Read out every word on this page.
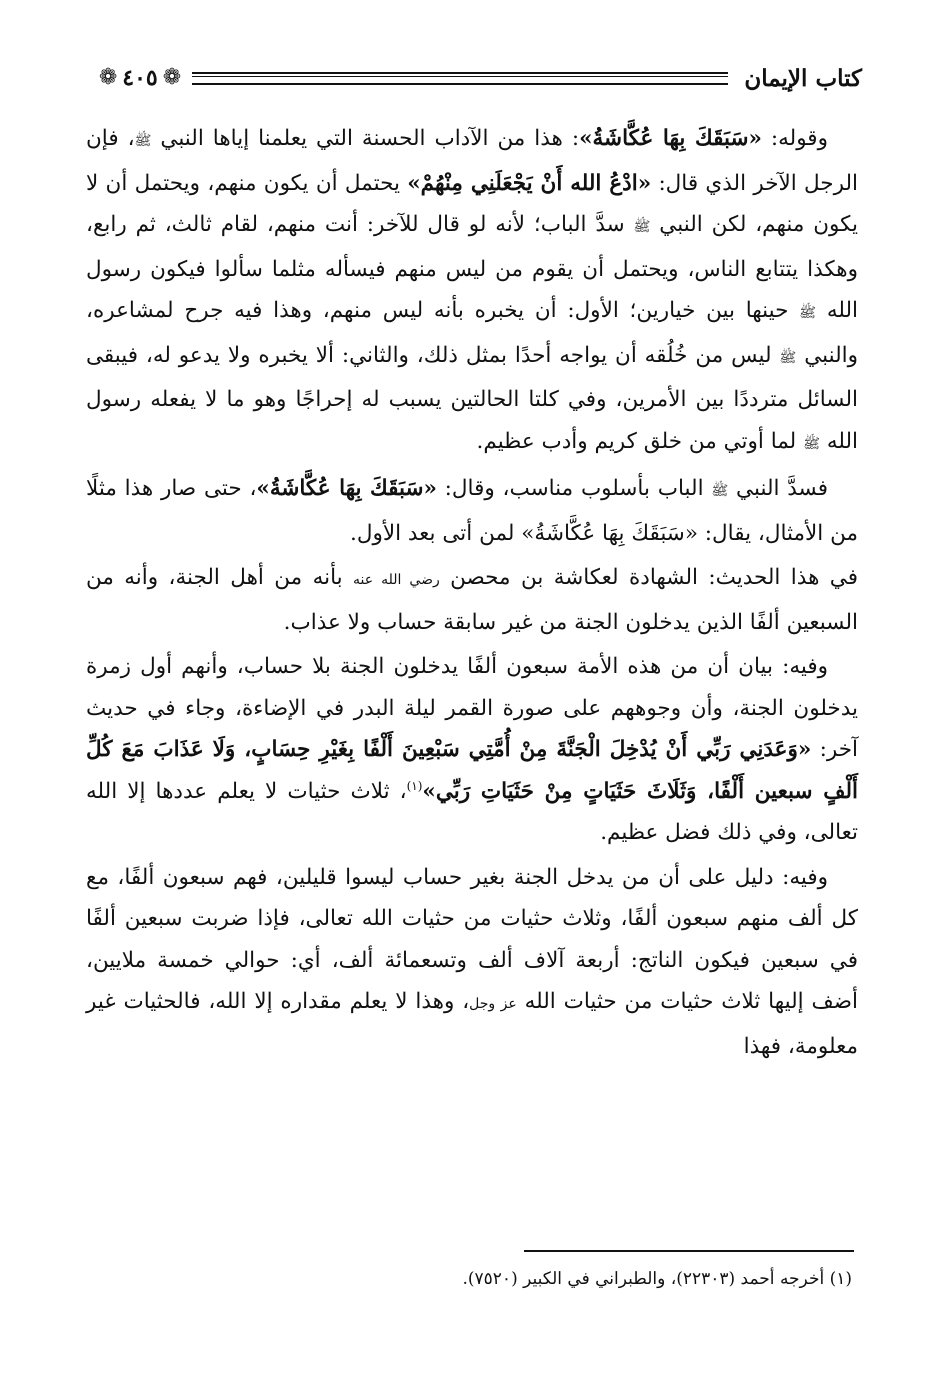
كتاب الإيمان
❁ ٤٠٥ ❁

وقوله: «سَبَقَكَ بِهَا عُكَّاشَةُ»: هذا من الآداب الحسنة التي يعلمنا إياها النبي ﷺ، فإن الرجل الآخر الذي قال: «ادْعُ الله أَنْ يَجْعَلَنِي مِنْهُمْ» يحتمل أن يكون منهم، ويحتمل أن لا يكون منهم، لكن النبي ﷺ سدَّ الباب؛ لأنه لو قال للآخر: أنت منهم، لقام ثالث، ثم رابع، وهكذا يتتابع الناس، ويحتمل أن يقوم من ليس منهم فيسأله مثلما سألوا فيكون رسول الله ﷺ حينها بين خيارين؛ الأول: أن يخبره بأنه ليس منهم، وهذا فيه جرح لمشاعره، والنبي ﷺ ليس من خُلُقه أن يواجه أحدًا بمثل ذلك، والثاني: ألا يخبره ولا يدعو له، فيبقى السائل مترددًا بين الأمرين، وفي كلتا الحالتين يسبب له إحراجًا وهو ما لا يفعله رسول الله ﷺ لما أوتي من خلق كريم وأدب عظيم.

فسدَّ النبي ﷺ الباب بأسلوب مناسب، وقال: «سَبَقَكَ بِهَا عُكَّاشَةُ»، حتى صار هذا مثلًا من الأمثال، يقال: «سَبَقَكَ بِهَا عُكَّاشَةُ» لمن أتى بعد الأول.

في هذا الحديث: الشهادة لعكاشة بن محصن رضي الله عنه بأنه من أهل الجنة، وأنه من السبعين ألفًا الذين يدخلون الجنة من غير سابقة حساب ولا عذاب.

وفيه: بيان أن من هذه الأمة سبعون ألفًا يدخلون الجنة بلا حساب، وأنهم أول زمرة يدخلون الجنة، وأن وجوههم على صورة القمر ليلة البدر في الإضاءة، وجاء في حديث آخر: «وَعَدَنِي رَبِّي أَنْ يُدْخِلَ الْجَنَّةَ مِنْ أُمَّتِي سَبْعِينَ أَلْفًا بِغَيْرِ حِسَابٍ، وَلَا عَذَابَ مَعَ كُلِّ أَلْفٍ سبعين أَلْفًا، وَثَلَاثَ حَثَيَاتٍ مِنْ حَثَيَاتِ رَبِّي»$^{(١)}$، ثلاث حثيات لا يعلم عددها إلا الله تعالى، وفي ذلك فضل عظيم.

وفيه: دليل على أن من يدخل الجنة بغير حساب ليسوا قليلين، فهم سبعون ألفًا، مع كل ألف منهم سبعون ألفًا، وثلاث حثيات من حثيات الله تعالى، فإذا ضربت سبعين ألفًا في سبعين فيكون الناتج: أربعة آلاف ألف وتسعمائة ألف، أي: حوالي خمسة ملايين، أضف إليها ثلاث حثيات من حثيات الله عز وجل، وهذا لا يعلم مقداره إلا الله، فالحثيات غير معلومة، فهذا

(١) أخرجه أحمد (٢٢٣٠٣)، والطبراني في الكبير (٧٥٢٠).
